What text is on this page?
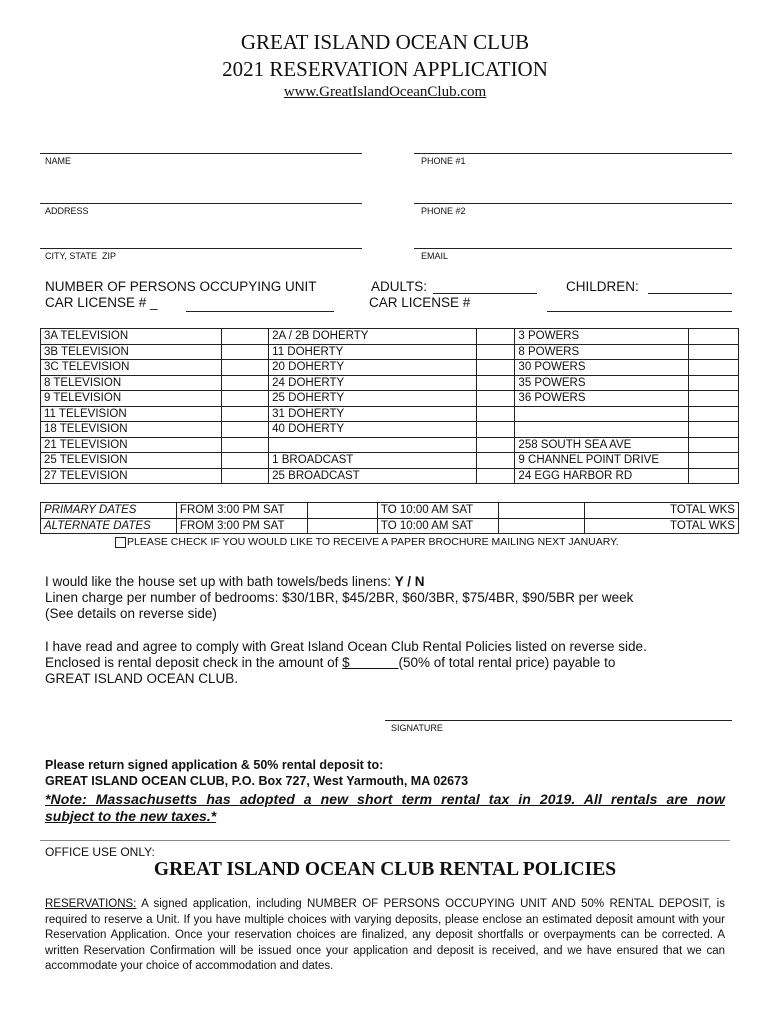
GREAT ISLAND OCEAN CLUB
2021 RESERVATION APPLICATION
www.GreatIslandOceanClub.com
NAME	PHONE #1
ADDRESS	PHONE #2
CITY, STATE  ZIP	EMAIL
NUMBER OF PERSONS OCCUPYING UNIT	ADULTS:	CHILDREN:
CAR LICENSE # _	CAR LICENSE #
3A TELEVISION		2A / 2B DOHERTY		3 POWERS	
3B TELEVISION		11 DOHERTY		8 POWERS	
3C TELEVISION		20 DOHERTY		30 POWERS	
8 TELEVISION		24 DOHERTY		35 POWERS	
9 TELEVISION		25 DOHERTY		36 POWERS	
11 TELEVISION		31 DOHERTY			
18 TELEVISION		40 DOHERTY			
21 TELEVISION				258 SOUTH SEA AVE	
25 TELEVISION		1 BROADCAST		9 CHANNEL POINT DRIVE	
27 TELEVISION		25 BROADCAST		24 EGG HARBOR RD	
PRIMARY DATES	FROM 3:00 PM SAT		TO 10:00 AM SAT		TOTAL WKS
ALTERNATE DATES	FROM 3:00 PM SAT		TO 10:00 AM SAT		TOTAL WKS
PLEASE CHECK IF YOU WOULD LIKE TO RECEIVE A PAPER BROCHURE MAILING NEXT JANUARY.
I would like the house set up with bath towels/beds linens: Y / N
Linen charge per number of bedrooms: $30/1BR, $45/2BR, $60/3BR, $75/4BR, $90/5BR per week
(See details on reverse side)
I have read and agree to comply with Great Island Ocean Club Rental Policies listed on reverse side.
Enclosed is rental deposit check in the amount of $             (50% of total rental price) payable to
GREAT ISLAND OCEAN CLUB.
SIGNATURE
Please return signed application & 50% rental deposit to:
GREAT ISLAND OCEAN CLUB, P.O. Box 727, West Yarmouth, MA 02673
*Note: Massachusetts has adopted a new short term rental tax in 2019. All rentals are now
subject to the new taxes.*
OFFICE USE ONLY:
GREAT ISLAND OCEAN CLUB RENTAL POLICIES
RESERVATIONS: A signed application, including NUMBER OF PERSONS OCCUPYING UNIT AND 50% RENTAL DEPOSIT, is required to reserve a Unit. If you have multiple choices with varying deposits, please enclose an estimated deposit amount with your Reservation Application. Once your reservation choices are finalized, any deposit shortfalls or overpayments can be corrected. A written Reservation Confirmation will be issued once your application and deposit is received, and we have ensured that we can accommodate your choice of accommodation and dates.
